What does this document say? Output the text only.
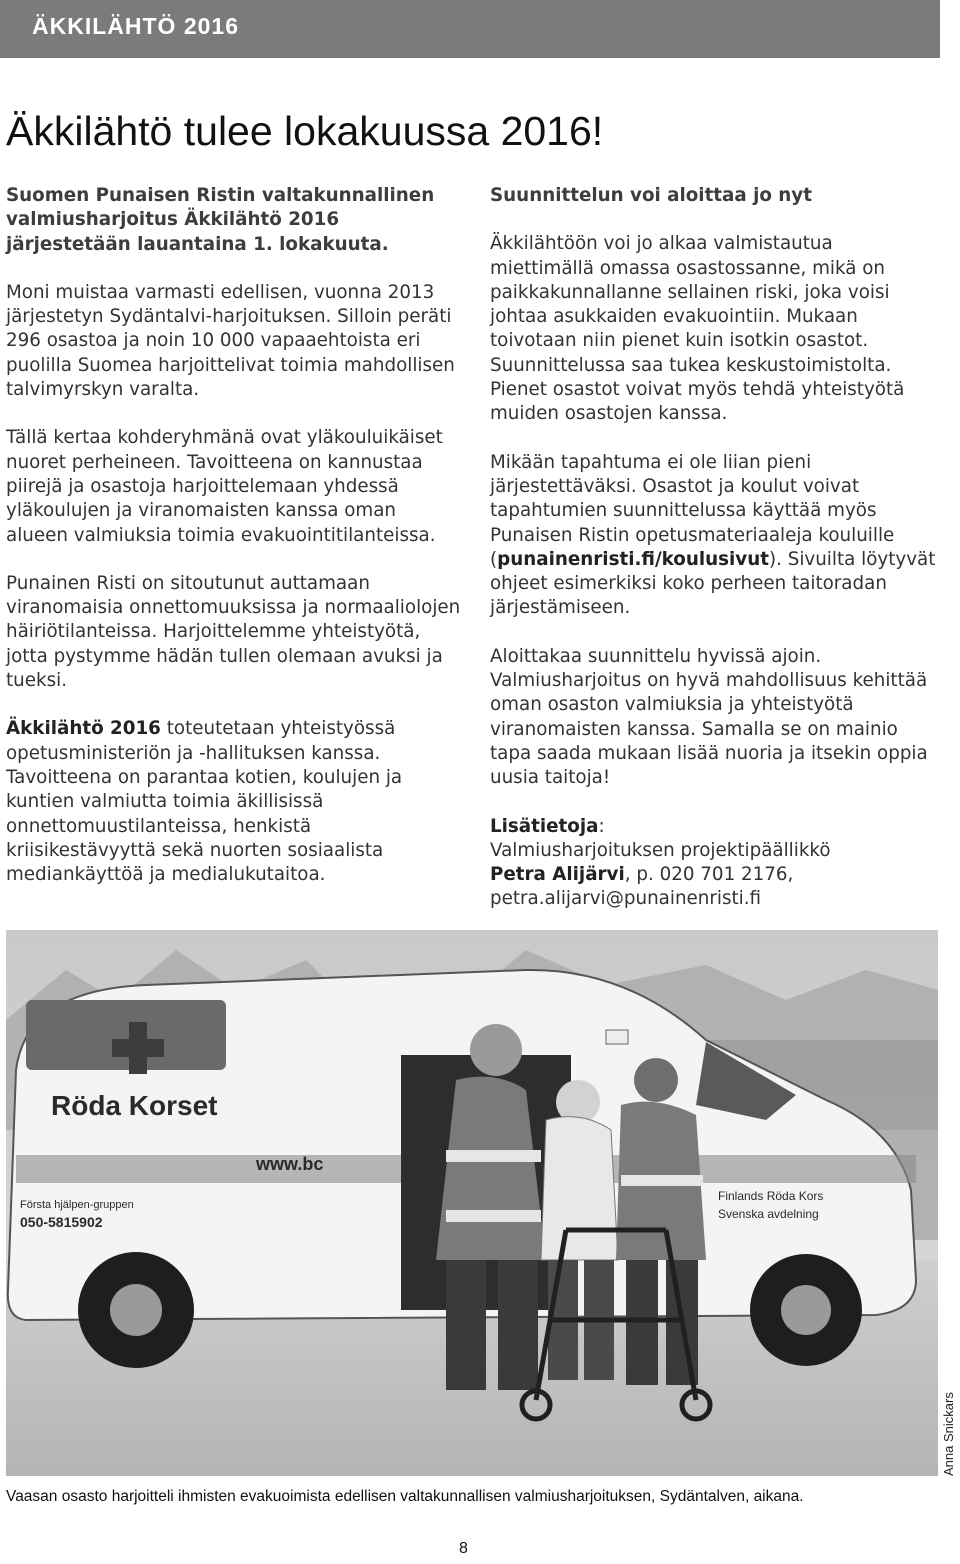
ÄKKILÄHTÖ 2016
Äkkilähtö tulee lokakuussa 2016!

Suomen Punaisen Ristin valtakunnallinen valmiusharjoitus Äkkilähtö 2016 järjestetään lauantaina 1. lokakuuta.

Moni muistaa varmasti edellisen, vuonna 2013 järjestetyn Sydäntalvi-harjoituksen. Silloin peräti 296 osastoa ja noin 10 000 vapaaehtoista eri puolilla Suomea harjoittelivat toimia mahdollisen talvimyrskyn varalta.

Tällä kertaa kohderyhmänä ovat yläkouluikäiset nuoret perheineen. Tavoitteena on kannustaa piirejä ja osastoja harjoittelemaan yhdessä yläkoulujen ja viranomaisten kanssa oman alueen valmiuksia toimia evakuointitilanteissa.

Punainen Risti on sitoutunut auttamaan viranomaisia onnettomuuksissa ja normaaliolojen häiriötilanteissa. Harjoittelemme yhteistyötä, jotta pystymme hädän tullen olemaan avuksi ja tueksi.

Äkkilähtö 2016 toteutetaan yhteistyössä opetusministeriön ja -hallituksen kanssa. Tavoitteena on parantaa kotien, koulujen ja kuntien valmiutta toimia äkillisissä onnettomuustilanteissa, henkistä kriisikestävyyttä sekä nuorten sosiaalista mediankäyttöä ja medialukutaitoa.

Suunnittelun voi aloittaa jo nyt

Äkkilähtöön voi jo alkaa valmistautua miettimällä omassa osastossanne, mikä on paikkakunnallanne sellainen riski, joka voisi johtaa asukkaiden evakuointiin. Mukaan toivotaan niin pienet kuin isotkin osastot. Suunnittelussa saa tukea keskustoimistolta. Pienet osastot voivat myös tehdä yhteistyötä muiden osastojen kanssa.

Mikään tapahtuma ei ole liian pieni järjestettäväksi. Osastot ja koulut voivat tapahtumien suunnittelussa käyttää myös Punaisen Ristin opetusmateriaaleja kouluille (punainenristi.fi/koulusivut). Sivuilta löytyvät ohjeet esimerkiksi koko perheen taitoradan järjestämiseen.

Aloittakaa suunnittelu hyvissä ajoin. Valmiusharjoitus on hyvä mahdollisuus kehittää oman osaston valmiuksia ja yhteistyötä viranomaisten kanssa. Samalla se on mainio tapa saada mukaan lisää nuoria ja itsekin oppia uusia taitoja!

Lisätietoja:
Valmiusharjoituksen projektipäällikkö
Petra Alijärvi, p. 020 701 2176,
petra.alijarvi@punainenristi.fi

Röda Korset
www.bc
Första hjälpen-gruppen
050-5815902
Finlands Röda Kors
Svenska avdelning
Anna Snickars
Vaasan osasto harjoitteli ihmisten evakuoimista edellisen valtakunnallisen valmiusharjoituksen, Sydäntalven, aikana.
8
